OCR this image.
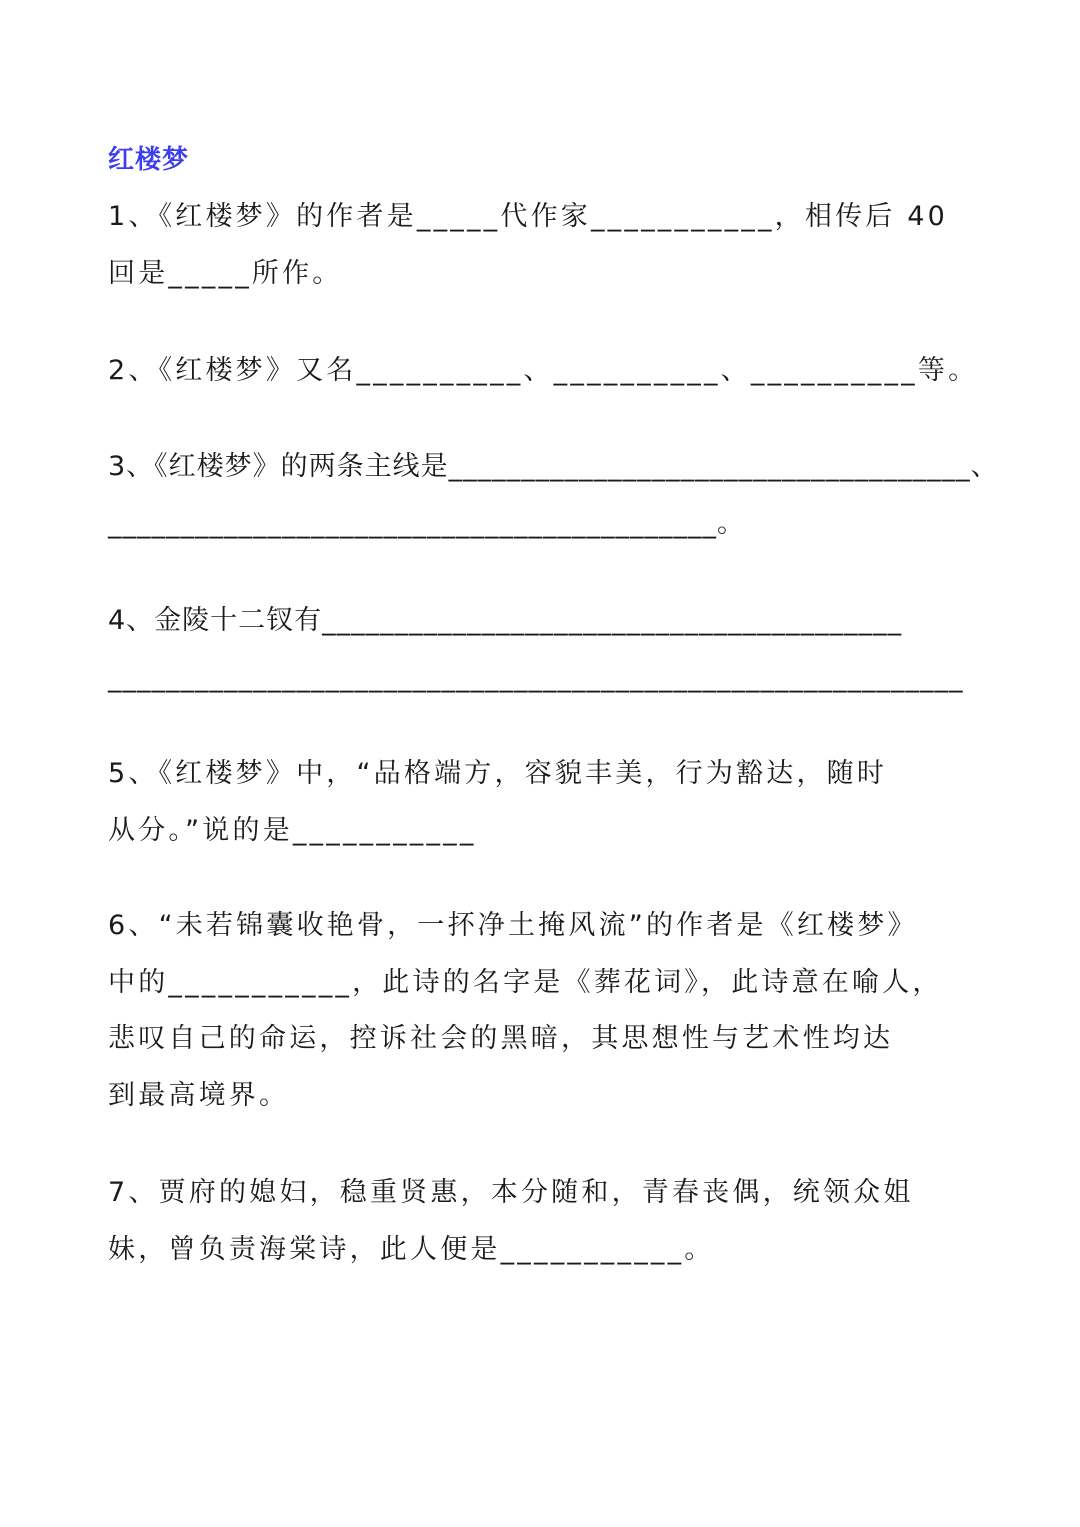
红楼梦
1、《红楼梦》的作者是_____代作家___________，相传后 40
回是_____所作。
2、《红楼梦》又名__________、__________、__________等。
3、《红楼梦》的两条主线是____________________________________、
__________________________________________。
4、金陵十二钗有________________________________________
___________________________________________________________
5、《红楼梦》中，“品格端方，容貌丰美，行为豁达，随时
从分。”说的是___________
6、“未若锦囊收艳骨，一抔净土掩风流”的作者是《红楼梦》
中的___________，此诗的名字是《葬花词》，此诗意在喻人，
悲叹自己的命运，控诉社会的黑暗，其思想性与艺术性均达
到最高境界。
7、贾府的媳妇，稳重贤惠，本分随和，青春丧偶，统领众姐
妹，曾负责海棠诗，此人便是___________。
